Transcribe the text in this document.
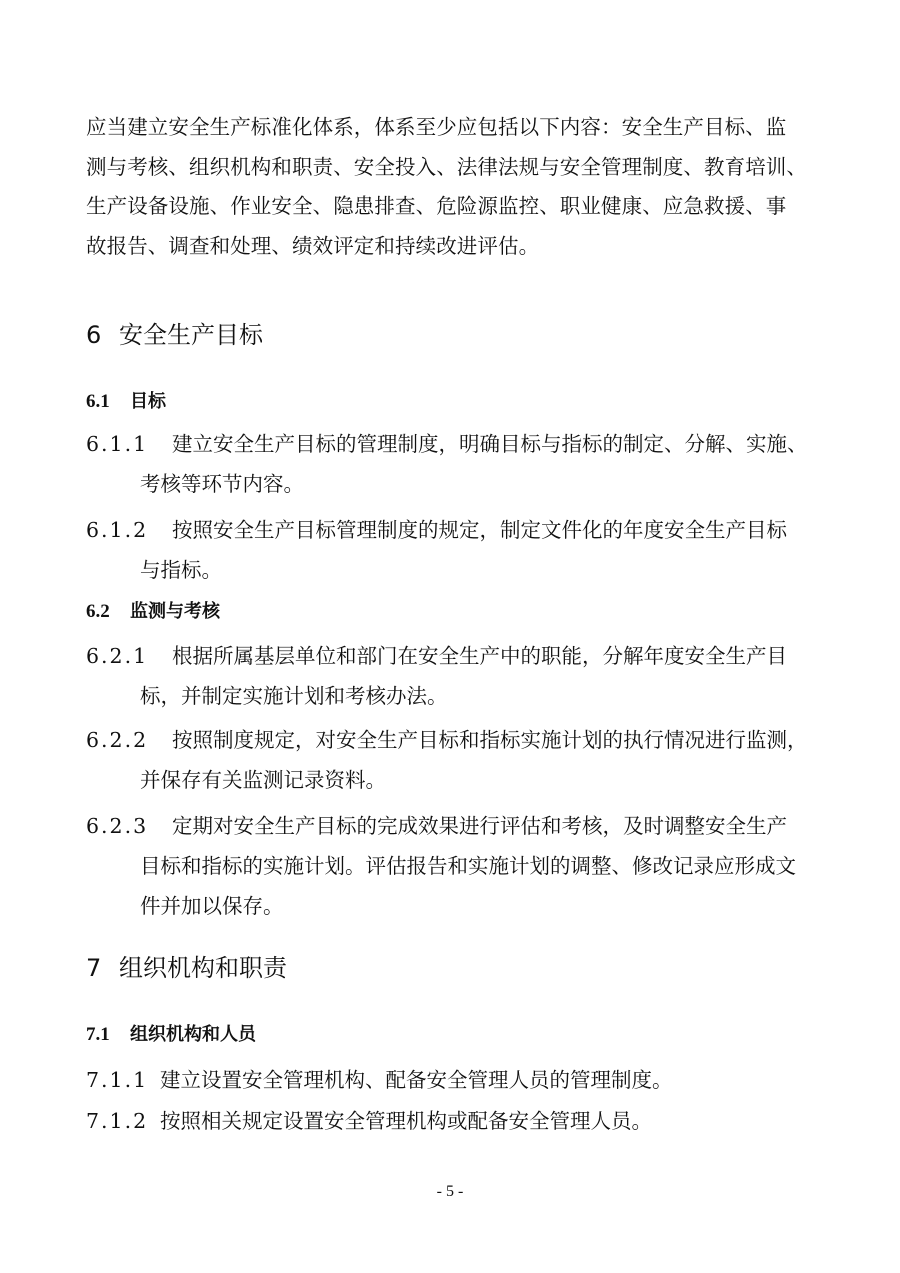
应当建立安全生产标准化体系，体系至少应包括以下内容：安全生产目标、监
测与考核、组织机构和职责、安全投入、法律法规与安全管理制度、教育培训、
生产设备设施、作业安全、隐患排查、危险源监控、职业健康、应急救援、事
故报告、调查和处理、绩效评定和持续改进评估。
6 安全生产目标
6.1 目标
6.1.1 建立安全生产目标的管理制度，明确目标与指标的制定、分解、实施、
考核等环节内容。
6.1.2 按照安全生产目标管理制度的规定，制定文件化的年度安全生产目标
与指标。
6.2 监测与考核
6.2.1 根据所属基层单位和部门在安全生产中的职能，分解年度安全生产目
标，并制定实施计划和考核办法。
6.2.2 按照制度规定，对安全生产目标和指标实施计划的执行情况进行监测，
并保存有关监测记录资料。
6.2.3 定期对安全生产目标的完成效果进行评估和考核，及时调整安全生产
目标和指标的实施计划。评估报告和实施计划的调整、修改记录应形成文
件并加以保存。
7 组织机构和职责
7.1 组织机构和人员
7.1.1 建立设置安全管理机构、配备安全管理人员的管理制度。
7.1.2 按照相关规定设置安全管理机构或配备安全管理人员。
- 5 -
